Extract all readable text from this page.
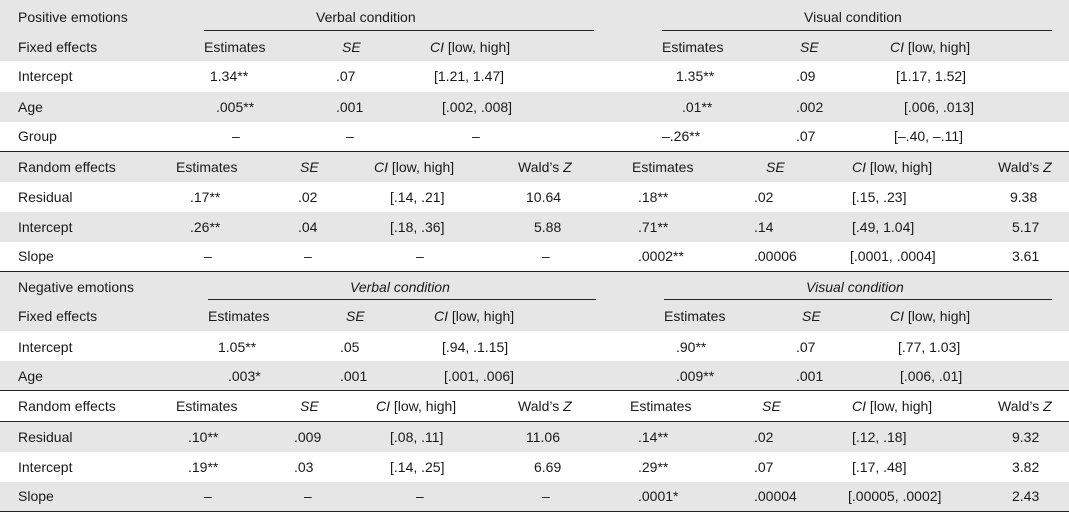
Positive emotions	Verbal condition	Visual condition
Fixed effects	Estimates	SE	CI [low, high]	Estimates	SE	CI [low, high]
Intercept	1.34**	.07	[1.21, 1.47]	1.35**	.09	[1.17, 1.52]
Age	.005**	.001	[.002, .008]	.01**	.002	[.006, .013]
Group	–	–	–	–.26**	.07	[–.40, –.11]
Random effects	Estimates	SE	CI [low, high]	Wald’s Z	Estimates	SE	CI [low, high]	Wald’s Z
Residual	.17**	.02	[.14, .21]	10.64	.18**	.02	[.15, .23]	9.38
Intercept	.26**	.04	[.18, .36]	5.88	.71**	.14	[.49, 1.04]	5.17
Slope	–	–	–	–	.0002**	.00006	[.0001, .0004]	3.61
Negative emotions	Verbal condition	Visual condition
Fixed effects	Estimates	SE	CI [low, high]	Estimates	SE	CI [low, high]
Intercept	1.05**	.05	[.94, .1.15]	.90**	.07	[.77, 1.03]
Age	.003*	.001	[.001, .006]	.009**	.001	[.006, .01]
Random effects	Estimates	SE	CI [low, high]	Wald’s Z	Estimates	SE	CI [low, high]	Wald’s Z
Residual	.10**	.009	[.08, .11]	11.06	.14**	.02	[.12, .18]	9.32
Intercept	.19**	.03	[.14, .25]	6.69	.29**	.07	[.17, .48]	3.82
Slope	–	–	–	–	.0001*	.00004	[.00005, .0002]	2.43
